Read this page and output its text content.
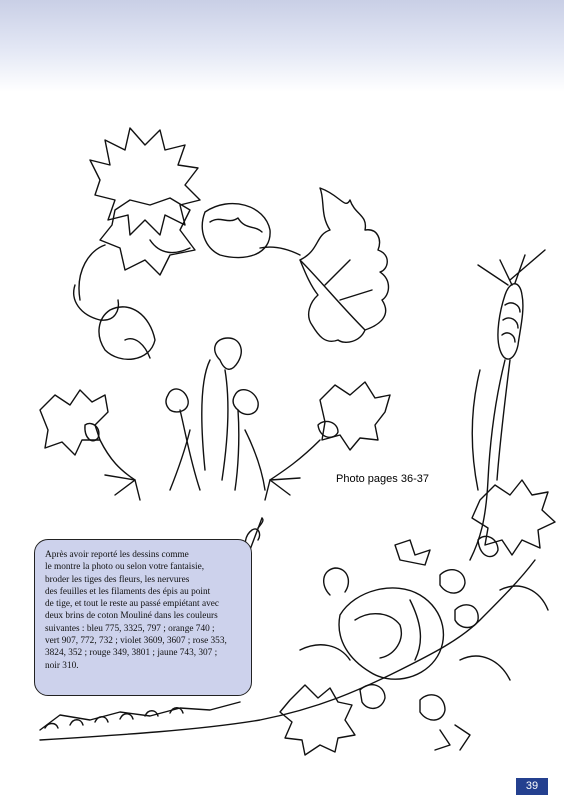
Photo pages 36-37

Après avoir reporté les dessins comme

le montre la photo ou selon votre fantaisie,

broder les tiges des fleurs, les nervures

des feuilles et les filaments des épis au point

de tige, et tout le reste au passé empiétant avec

deux brins de coton Mouliné dans les couleurs

suivantes : bleu 775, 3325, 797 ; orange 740 ;

vert 907, 772, 732 ; violet 3609, 3607 ; rose 353,

3824, 352 ; rouge 349, 3801 ; jaune 743, 307 ;

noir 310.

39
